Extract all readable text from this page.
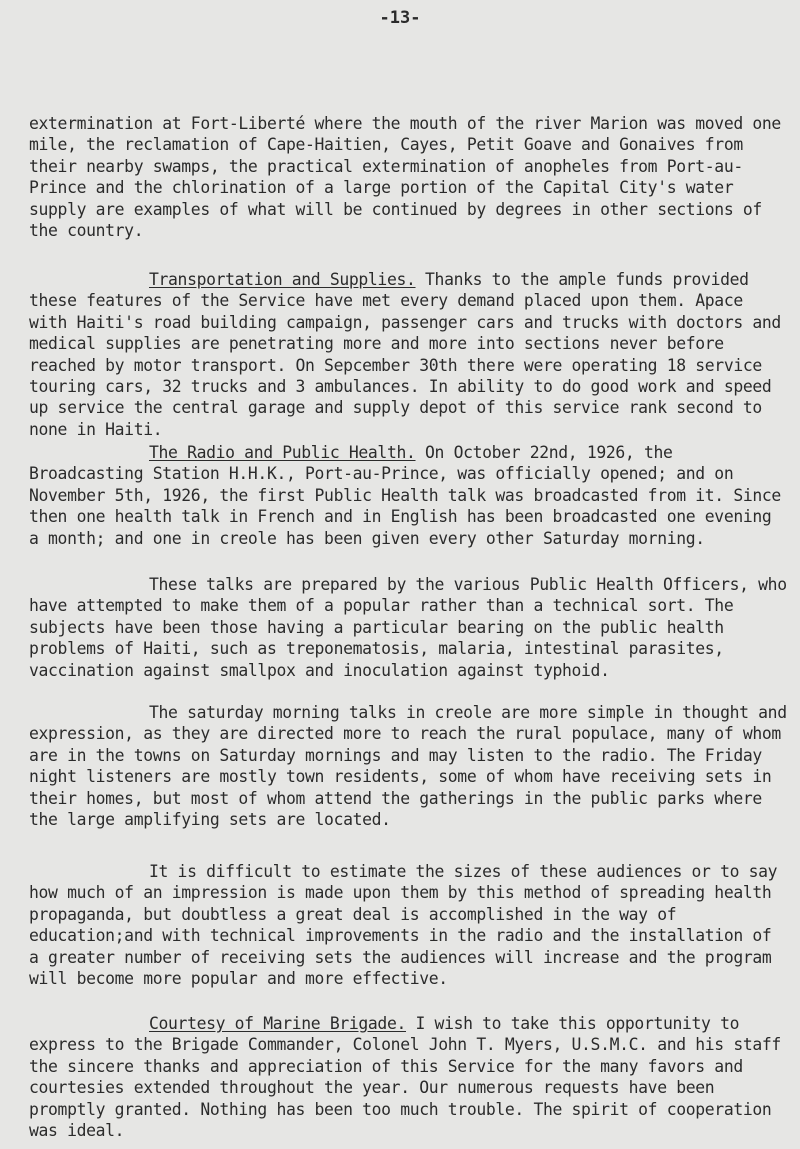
-13-

extermination at Fort-Liberté where the mouth of the river Marion was moved one mile, the reclamation of Cape-Haitien, Cayes, Petit Goave and Gonaives from their nearby swamps, the practical extermination of anopheles from Port-au-Prince and the chlorination of a large portion of the Capital City's water supply are examples of what will be continued by degrees in other sections of the country.

Transportation and Supplies. Thanks to the ample funds provided these features of the Service have met every demand placed upon them. Apace with Haiti's road building campaign, passenger cars and trucks with doctors and medical supplies are penetrating more and more into sections never before reached by motor transport. On Sepcember 30th there were operating 18 service touring cars, 32 trucks and 3 ambulances. In ability to do good work and speed up service the central garage and supply depot of this service rank second to none in Haiti.

The Radio and Public Health. On October 22nd, 1926, the Broadcasting Station H.H.K., Port-au-Prince, was officially opened; and on November 5th, 1926, the first Public Health talk was broadcasted from it. Since then one health talk in French and in English has been broadcasted one evening a month; and one in creole has been given every other Saturday morning.

These talks are prepared by the various Public Health Officers, who have attempted to make them of a popular rather than a technical sort. The subjects have been those having a particular bearing on the public health problems of Haiti, such as treponematosis, malaria, intestinal parasites, vaccination against smallpox and inoculation against typhoid.

The saturday morning talks in creole are more simple in thought and expression, as they are directed more to reach the rural populace, many of whom are in the towns on Saturday mornings and may listen to the radio. The Friday night listeners are mostly town residents, some of whom have receiving sets in their homes, but most of whom attend the gatherings in the public parks where the large amplifying sets are located.

It is difficult to estimate the sizes of these audiences or to say how much of an impression is made upon them by this method of spreading health propaganda, but doubtless a great deal is accomplished in the way of education;and with technical improvements in the radio and the installation of a greater number of receiving sets the audiences will increase and the program will become more popular and more effective.

Courtesy of Marine Brigade. I wish to take this opportunity to express to the Brigade Commander, Colonel John T. Myers, U.S.M.C. and his staff the sincere thanks and appreciation of this Service for the many favors and courtesies extended throughout the year. Our numerous requests have been promptly granted. Nothing has been too much trouble. The spirit of cooperation was ideal.
